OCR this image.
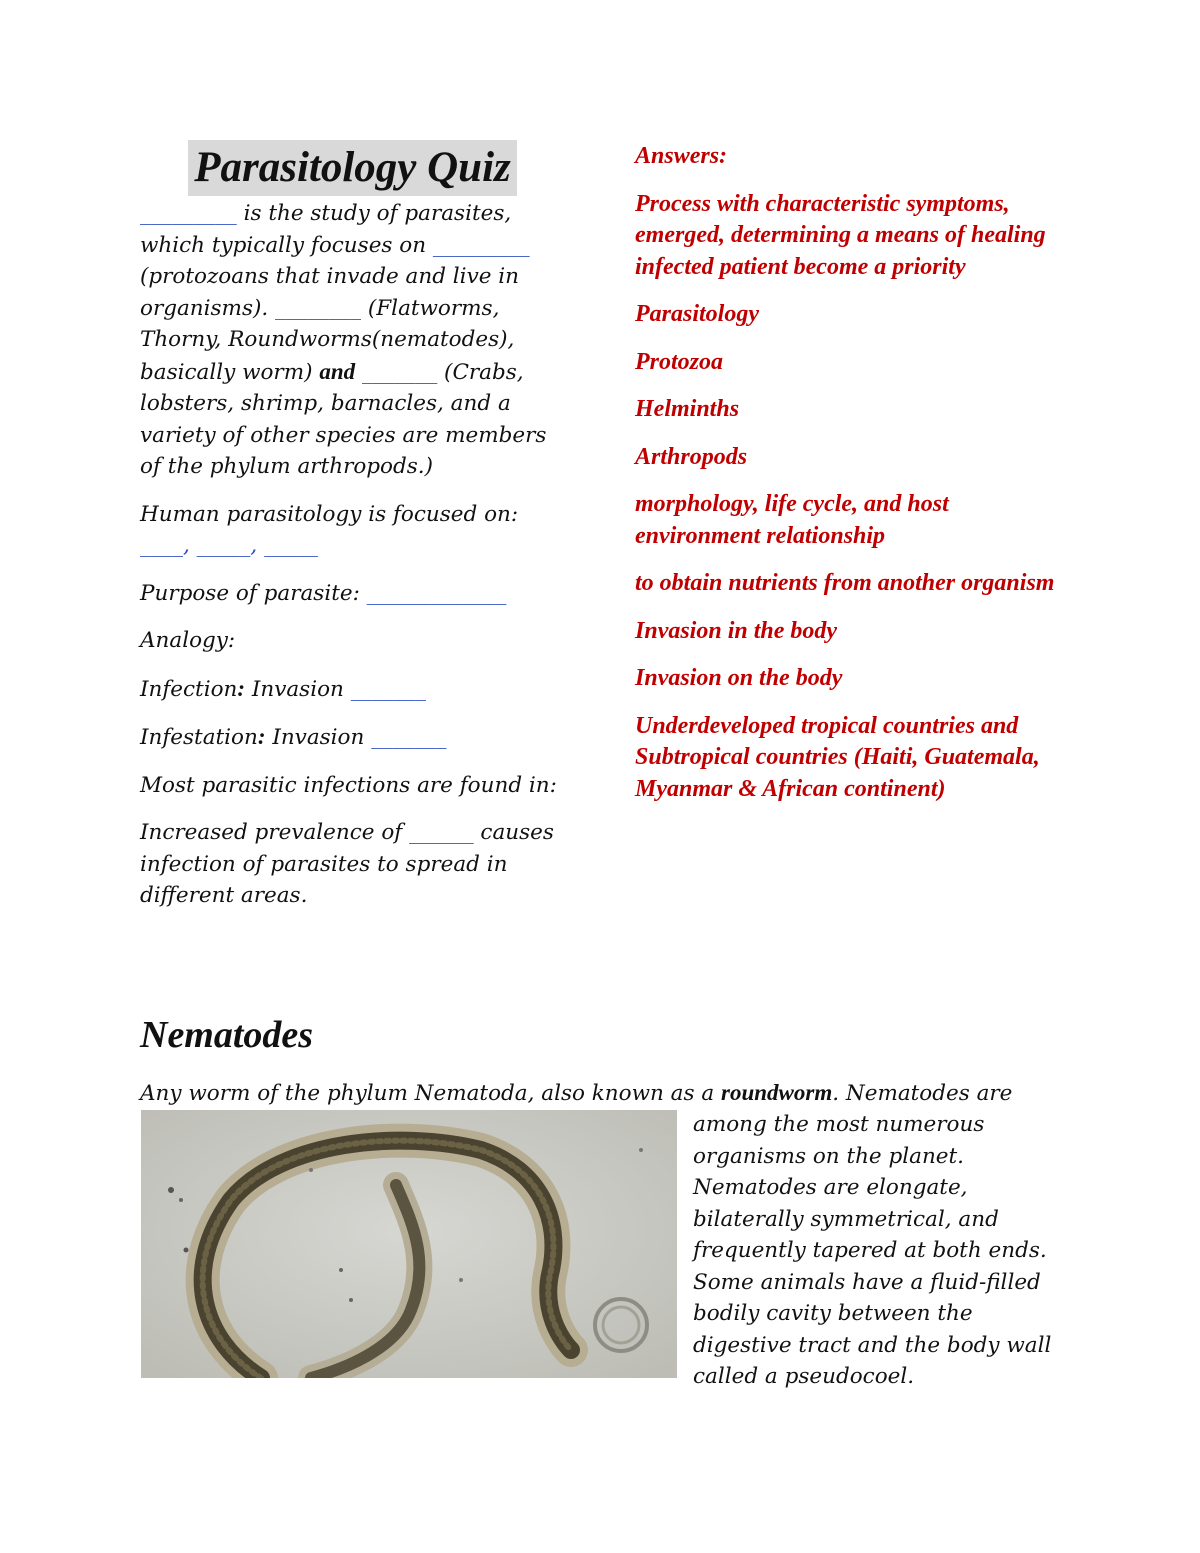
Parasitology Quiz

_________ is the study of parasites, which typically focuses on _________ (protozoans that invade and live in organisms). ________ (Flatworms, Thorny, Roundworms(nematodes), basically worm) and _______ (Crabs, lobsters, shrimp, barnacles, and a variety of other species are members of the phylum arthropods.)

Human parasitology is focused on:

____, _____, _____

Purpose of parasite: _____________

Analogy:

Infection: Invasion _______

Infestation: Invasion _______

Most parasitic infections are found in:

Increased prevalence of ______ causes infection of parasites to spread in different areas.

Answers:

Process with characteristic symptoms, emerged, determining a means of healing infected patient become a priority

Parasitology

Protozoa

Helminths

Arthropods

morphology, life cycle, and host environment relationship

to obtain nutrients from another organism

Invasion in the body

Invasion on the body

Underdeveloped tropical countries and Subtropical countries (Haiti, Guatemala, Myanmar & African continent)

Nematodes
Any worm of the phylum Nematoda, also known as a roundworm. Nematodes are
among the most numerous organisms on the planet. Nematodes are elongate, bilaterally symmetrical, and frequently tapered at both ends. Some animals have a fluid-filled bodily cavity between the digestive tract and the body wall called a pseudocoel.
